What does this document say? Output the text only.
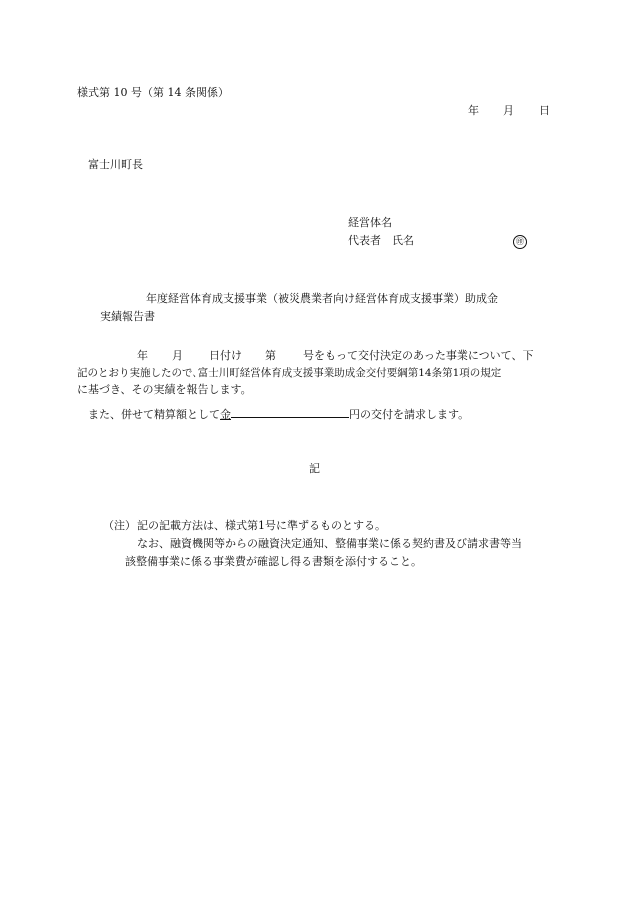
様式第 10 号（第 14 条関係）
年 月 日
富士川町長
経営体名
代表者　氏名	㊞
年度経営体育成支援事業（被災農業者向け経営体育成支援事業）助成金
実績報告書
年 月 日付け 第 号をもって交付決定のあった事業について、下
記のとおり実施したので､富士川町経営体育成支援事業助成金交付要綱第14条第1項の規定
に基づき、その実績を報告します。
また、併せて精算額として金	円の交付を請求します。
記
（注） 記の記載方法は、様式第1号に準ずるものとする。
なお、融資機関等からの融資決定通知、整備事業に係る契約書及び請求書等当
該整備事業に係る事業費が確認し得る書類を添付すること。
